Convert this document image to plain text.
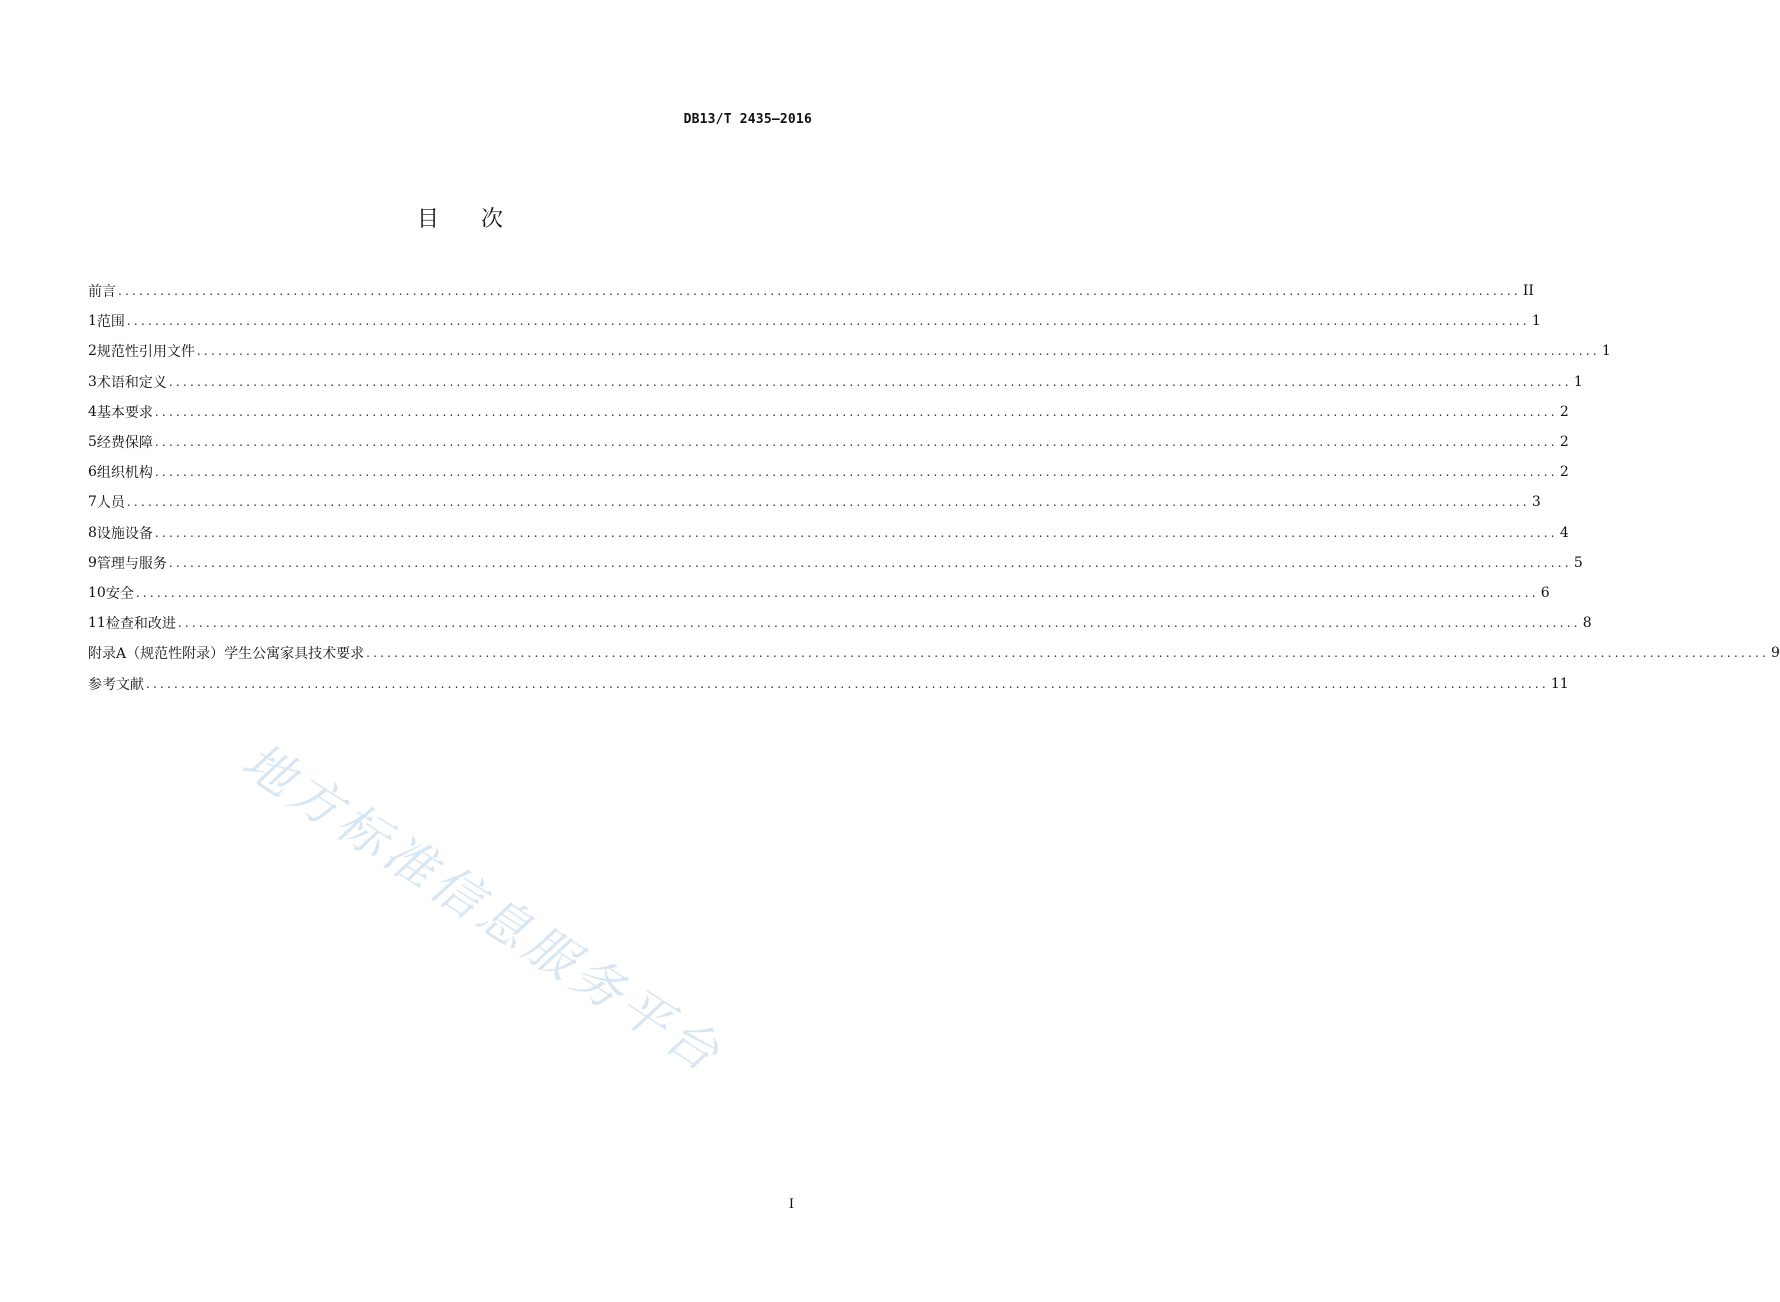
DB13/T 2435—2016
目次
前言 ........................................................................................................................................................................................................ II
1 范围 ........................................................................................................................................................................................................ 1
2 规范性引用文件 ........................................................................................................................................................................................................ 1
3 术语和定义 ........................................................................................................................................................................................................ 1
4 基本要求 ........................................................................................................................................................................................................ 2
5 经费保障 ........................................................................................................................................................................................................ 2
6 组织机构 ........................................................................................................................................................................................................ 2
7 人员 ........................................................................................................................................................................................................ 3
8 设施设备 ........................................................................................................................................................................................................ 4
9 管理与服务 ........................................................................................................................................................................................................ 5
10 安全 ........................................................................................................................................................................................................ 6
11 检查和改进 ........................................................................................................................................................................................................ 8
附录A（规范性附录） 学生公寓家具技术要求 ........................................................................................................................................................................................................ 9
参考文献 ........................................................................................................................................................................................................ 11
地方标准信息服务平台
I
